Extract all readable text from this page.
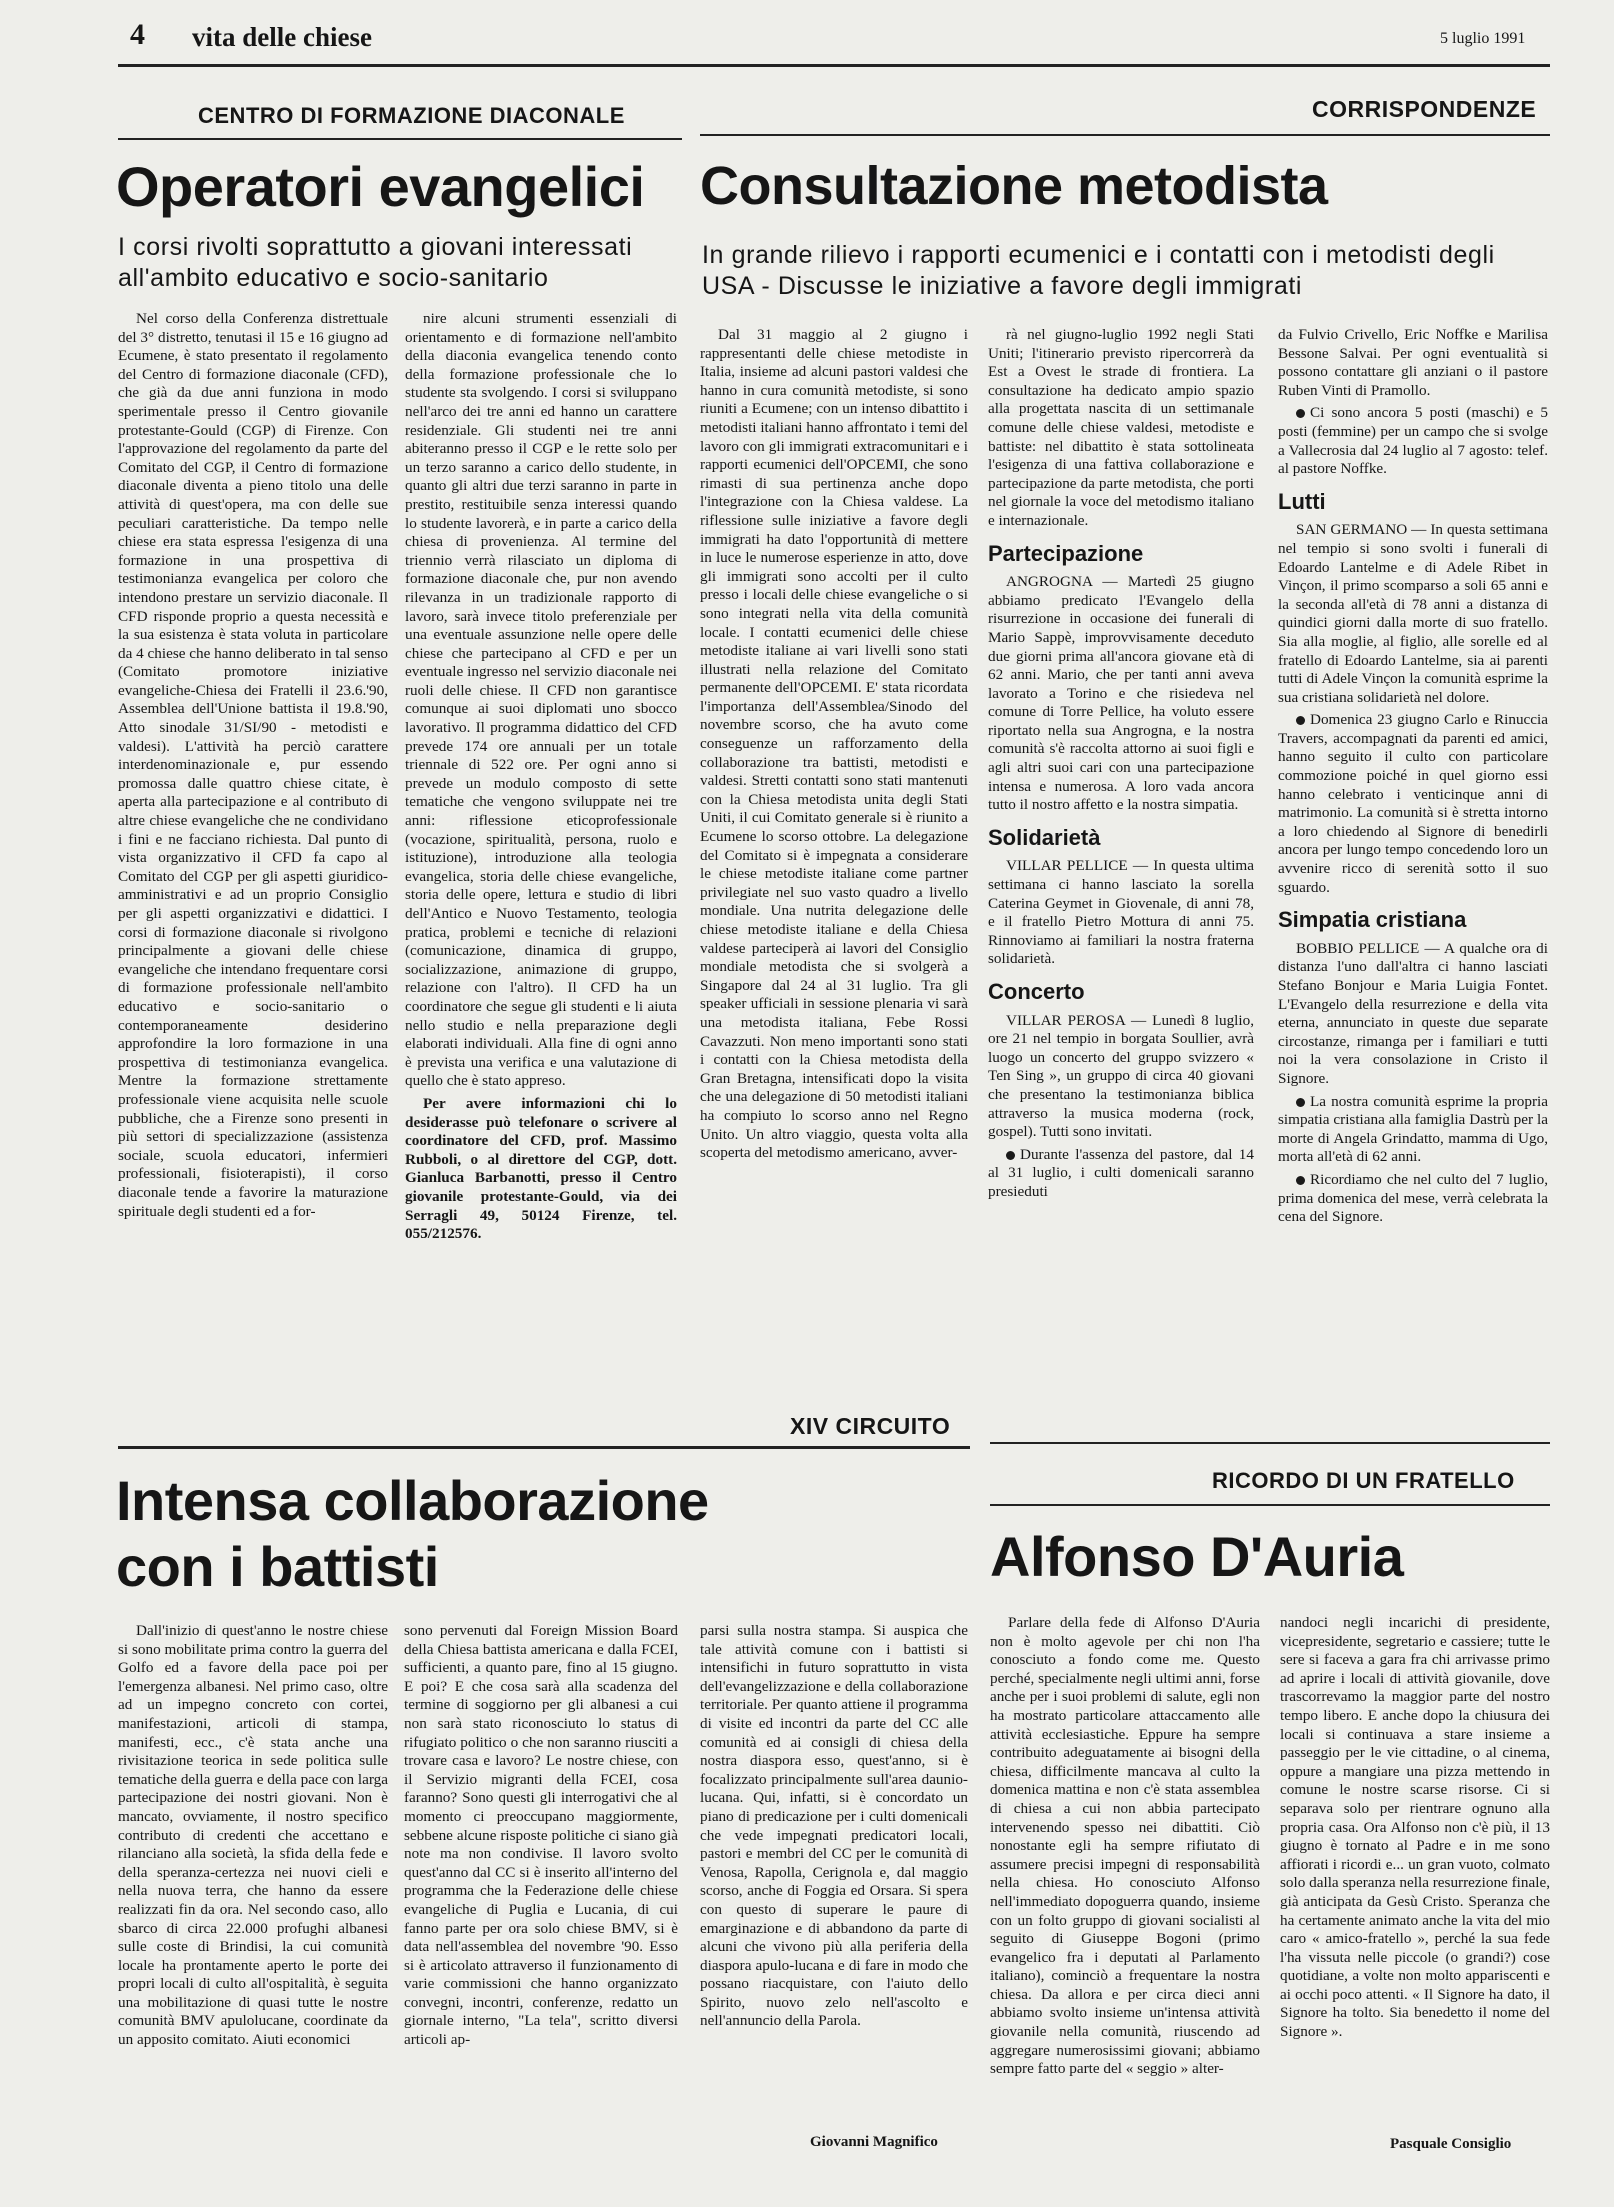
4 vita delle chiese	5 luglio 1991
CENTRO DI FORMAZIONE DIACONALE
Operatori evangelici
I corsi rivolti soprattutto a giovani interessati all'ambito educativo e socio-sanitario

Nel corso della Conferenza distrettuale del 3° distretto, tenutasi il 15 e 16 giugno ad Ecumene, è stato presentato il regolamento del Centro di formazione diaconale (CFD), che già da due anni funziona in modo sperimentale presso il Centro giovanile protestante-Gould (CGP) di Firenze. Con l'approvazione del regolamento da parte del Comitato del CGP, il Centro di formazione diaconale diventa a pieno titolo una delle attività di quest'opera, ma con delle sue peculiari caratteristiche. Da tempo nelle chiese era stata espressa l'esigenza di una formazione in una prospettiva di testimonianza evangelica per coloro che intendono prestare un servizio diaconale. Il CFD risponde proprio a questa necessità e la sua esistenza è stata voluta in particolare da 4 chiese che hanno deliberato in tal senso (Comitato promotore iniziative evangeliche-Chiesa dei Fratelli il 23.6.'90, Assemblea dell'Unione battista il 19.8.'90, Atto sinodale 31/SI/90 - metodisti e valdesi). L'attività ha perciò carattere interdenominazionale e, pur essendo promossa dalle quattro chiese citate, è aperta alla partecipazione e al contributo di altre chiese evangeliche che ne condividano i fini e ne facciano richiesta. Dal punto di vista organizzativo il CFD fa capo al Comitato del CGP per gli aspetti giuridico-amministrativi e ad un proprio Consiglio per gli aspetti organizzativi e didattici. I corsi di formazione diaconale si rivolgono principalmente a giovani delle chiese evangeliche che intendano frequentare corsi di formazione professionale nell'ambito educativo e socio-sanitario o contemporaneamente desiderino approfondire la loro formazione in una prospettiva di testimonianza evangelica. Mentre la formazione strettamente professionale viene acquisita nelle scuole pubbliche, che a Firenze sono presenti in più settori di specializzazione (assistenza sociale, scuola educatori, infermieri professionali, fisioterapisti), il corso diaconale tende a favorire la maturazione spirituale degli studenti ed a for-

nire alcuni strumenti essenziali di orientamento e di formazione nell'ambito della diaconia evangelica tenendo conto della formazione professionale che lo studente sta svolgendo. I corsi si sviluppano nell'arco dei tre anni ed hanno un carattere residenziale. Gli studenti nei tre anni abiteranno presso il CGP e le rette solo per un terzo saranno a carico dello studente, in quanto gli altri due terzi saranno in parte in prestito, restituibile senza interessi quando lo studente lavorerà, e in parte a carico della chiesa di provenienza. Al termine del triennio verrà rilasciato un diploma di formazione diaconale che, pur non avendo rilevanza in un tradizionale rapporto di lavoro, sarà invece titolo preferenziale per una eventuale assunzione nelle opere delle chiese che partecipano al CFD e per un eventuale ingresso nel servizio diaconale nei ruoli delle chiese. Il CFD non garantisce comunque ai suoi diplomati uno sbocco lavorativo. Il programma didattico del CFD prevede 174 ore annuali per un totale triennale di 522 ore. Per ogni anno si prevede un modulo composto di sette tematiche che vengono sviluppate nei tre anni: riflessione eticoprofessionale (vocazione, spiritualità, persona, ruolo e istituzione), introduzione alla teologia evangelica, storia delle chiese evangeliche, storia delle opere, lettura e studio di libri dell'Antico e Nuovo Testamento, teologia pratica, problemi e tecniche di relazioni (comunicazione, dinamica di gruppo, socializzazione, animazione di gruppo, relazione con l'altro). Il CFD ha un coordinatore che segue gli studenti e li aiuta nello studio e nella preparazione degli elaborati individuali. Alla fine di ogni anno è prevista una verifica e una valutazione di quello che è stato appreso.

Per avere informazioni chi lo desiderasse può telefonare o scrivere al coordinatore del CFD, prof. Massimo Rubboli, o al direttore del CGP, dott. Gianluca Barbanotti, presso il Centro giovanile protestante-Gould, via dei Serragli 49, 50124 Firenze, tel. 055/212576.

CORRISPONDENZE
Consultazione metodista
In grande rilievo i rapporti ecumenici e i contatti con i metodisti degli USA - Discusse le iniziative a favore degli immigrati

Dal 31 maggio al 2 giugno i rappresentanti delle chiese metodiste in Italia, insieme ad alcuni pastori valdesi che hanno in cura comunità metodiste, si sono riuniti a Ecumene; con un intenso dibattito i metodisti italiani hanno affrontato i temi del lavoro con gli immigrati extracomunitari e i rapporti ecumenici dell'OPCEMI, che sono rimasti di sua pertinenza anche dopo l'integrazione con la Chiesa valdese. La riflessione sulle iniziative a favore degli immigrati ha dato l'opportunità di mettere in luce le numerose esperienze in atto, dove gli immigrati sono accolti per il culto presso i locali delle chiese evangeliche o si sono integrati nella vita della comunità locale. I contatti ecumenici delle chiese metodiste italiane ai vari livelli sono stati illustrati nella relazione del Comitato permanente dell'OPCEMI. E' stata ricordata l'importanza dell'Assemblea/Sinodo del novembre scorso, che ha avuto come conseguenze un rafforzamento della collaborazione tra battisti, metodisti e valdesi. Stretti contatti sono stati mantenuti con la Chiesa metodista unita degli Stati Uniti, il cui Comitato generale si è riunito a Ecumene lo scorso ottobre. La delegazione del Comitato si è impegnata a considerare le chiese metodiste italiane come partner privilegiate nel suo vasto quadro a livello mondiale. Una nutrita delegazione delle chiese metodiste italiane e della Chiesa valdese parteciperà ai lavori del Consiglio mondiale metodista che si svolgerà a Singapore dal 24 al 31 luglio. Tra gli speaker ufficiali in sessione plenaria vi sarà una metodista italiana, Febe Rossi Cavazzuti. Non meno importanti sono stati i contatti con la Chiesa metodista della Gran Bretagna, intensificati dopo la visita che una delegazione di 50 metodisti italiani ha compiuto lo scorso anno nel Regno Unito. Un altro viaggio, questa volta alla scoperta del metodismo americano, avver-

rà nel giugno-luglio 1992 negli Stati Uniti; l'itinerario previsto ripercorrerà da Est a Ovest le strade di frontiera. La consultazione ha dedicato ampio spazio alla progettata nascita di un settimanale comune delle chiese valdesi, metodiste e battiste: nel dibattito è stata sottolineata l'esigenza di una fattiva collaborazione e partecipazione da parte metodista, che porti nel giornale la voce del metodismo italiano e internazionale.

Partecipazione

ANGROGNA — Martedì 25 giugno abbiamo predicato l'Evangelo della risurrezione in occasione dei funerali di Mario Sappè, improvvisamente deceduto due giorni prima all'ancora giovane età di 62 anni. Mario, che per tanti anni aveva lavorato a Torino e che risiedeva nel comune di Torre Pellice, ha voluto essere riportato nella sua Angrogna, e la nostra comunità s'è raccolta attorno ai suoi figli e agli altri suoi cari con una partecipazione intensa e numerosa. A loro vada ancora tutto il nostro affetto e la nostra simpatia.

Solidarietà

VILLAR PELLICE — In questa ultima settimana ci hanno lasciato la sorella Caterina Geymet in Giovenale, di anni 78, e il fratello Pietro Mottura di anni 75. Rinnoviamo ai familiari la nostra fraterna solidarietà.

Concerto

VILLAR PEROSA — Lunedì 8 luglio, ore 21 nel tempio in borgata Soullier, avrà luogo un concerto del gruppo svizzero « Ten Sing », un gruppo di circa 40 giovani che presentano la testimonianza biblica attraverso la musica moderna (rock, gospel). Tutti sono invitati.

Durante l'assenza del pastore, dal 14 al 31 luglio, i culti domenicali saranno presieduti

da Fulvio Crivello, Eric Noffke e Marilisa Bessone Salvai. Per ogni eventualità si possono contattare gli anziani o il pastore Ruben Vinti di Pramollo.

Ci sono ancora 5 posti (maschi) e 5 posti (femmine) per un campo che si svolge a Vallecrosia dal 24 luglio al 7 agosto: telef. al pastore Noffke.

Lutti

SAN GERMANO — In questa settimana nel tempio si sono svolti i funerali di Edoardo Lantelme e di Adele Ribet in Vinçon, il primo scomparso a soli 65 anni e la seconda all'età di 78 anni a distanza di quindici giorni dalla morte di suo fratello. Sia alla moglie, al figlio, alle sorelle ed al fratello di Edoardo Lantelme, sia ai parenti tutti di Adele Vinçon la comunità esprime la sua cristiana solidarietà nel dolore.

Domenica 23 giugno Carlo e Rinuccia Travers, accompagnati da parenti ed amici, hanno seguito il culto con particolare commozione poiché in quel giorno essi hanno celebrato i venticinque anni di matrimonio. La comunità si è stretta intorno a loro chiedendo al Signore di benedirli ancora per lungo tempo concedendo loro un avvenire ricco di serenità sotto il suo sguardo.

Simpatia cristiana

BOBBIO PELLICE — A qualche ora di distanza l'uno dall'altra ci hanno lasciati Stefano Bonjour e Maria Luigia Fontet. L'Evangelo della resurrezione e della vita eterna, annunciato in queste due separate circostanze, rimanga per i familiari e tutti noi la vera consolazione in Cristo il Signore.

La nostra comunità esprime la propria simpatia cristiana alla famiglia Dastrù per la morte di Angela Grindatto, mamma di Ugo, morta all'età di 62 anni.

Ricordiamo che nel culto del 7 luglio, prima domenica del mese, verrà celebrata la cena del Signore.

XIV CIRCUITO
Intensa collaborazione con i battisti

Dall'inizio di quest'anno le nostre chiese si sono mobilitate prima contro la guerra del Golfo ed a favore della pace poi per l'emergenza albanesi. Nel primo caso, oltre ad un impegno concreto con cortei, manifestazioni, articoli di stampa, manifesti, ecc., c'è stata anche una rivisitazione teorica in sede politica sulle tematiche della guerra e della pace con larga partecipazione dei nostri giovani. Non è mancato, ovviamente, il nostro specifico contributo di credenti che accettano e rilanciano alla società, la sfida della fede e della speranza-certezza nei nuovi cieli e nella nuova terra, che hanno da essere realizzati fin da ora. Nel secondo caso, allo sbarco di circa 22.000 profughi albanesi sulle coste di Brindisi, la cui comunità locale ha prontamente aperto le porte dei propri locali di culto all'ospitalità, è seguita una mobilitazione di quasi tutte le nostre comunità BMV apulolucane, coordinate da un apposito comitato. Aiuti economici

sono pervenuti dal Foreign Mission Board della Chiesa battista americana e dalla FCEI, sufficienti, a quanto pare, fino al 15 giugno. E poi? E che cosa sarà alla scadenza del termine di soggiorno per gli albanesi a cui non sarà stato riconosciuto lo status di rifugiato politico o che non saranno riusciti a trovare casa e lavoro? Le nostre chiese, con il Servizio migranti della FCEI, cosa faranno? Sono questi gli interrogativi che al momento ci preoccupano maggiormente, sebbene alcune risposte politiche ci siano già note ma non condivise. Il lavoro svolto quest'anno dal CC si è inserito all'interno del programma che la Federazione delle chiese evangeliche di Puglia e Lucania, di cui fanno parte per ora solo chiese BMV, si è data nell'assemblea del novembre '90. Esso si è articolato attraverso il funzionamento di varie commissioni che hanno organizzato convegni, incontri, conferenze, redatto un giornale interno, "La tela", scritto diversi articoli ap-

parsi sulla nostra stampa. Si auspica che tale attività comune con i battisti si intensifichi in futuro soprattutto in vista dell'evangelizzazione e della collaborazione territoriale. Per quanto attiene il programma di visite ed incontri da parte del CC alle comunità ed ai consigli di chiesa della nostra diaspora esso, quest'anno, si è focalizzato principalmente sull'area daunio-lucana. Qui, infatti, si è concordato un piano di predicazione per i culti domenicali che vede impegnati predicatori locali, pastori e membri del CC per le comunità di Venosa, Rapolla, Cerignola e, dal maggio scorso, anche di Foggia ed Orsara. Si spera con questo di superare le paure di emarginazione e di abbandono da parte di alcuni che vivono più alla periferia della diaspora apulo-lucana e di fare in modo che possano riacquistare, con l'aiuto dello Spirito, nuovo zelo nell'ascolto e nell'annuncio della Parola.

Giovanni Magnifico
RICORDO DI UN FRATELLO
Alfonso D'Auria

Parlare della fede di Alfonso D'Auria non è molto agevole per chi non l'ha conosciuto a fondo come me. Questo perché, specialmente negli ultimi anni, forse anche per i suoi problemi di salute, egli non ha mostrato particolare attaccamento alle attività ecclesiastiche. Eppure ha sempre contribuito adeguatamente ai bisogni della chiesa, difficilmente mancava al culto la domenica mattina e non c'è stata assemblea di chiesa a cui non abbia partecipato intervenendo spesso nei dibattiti. Ciò nonostante egli ha sempre rifiutato di assumere precisi impegni di responsabilità nella chiesa. Ho conosciuto Alfonso nell'immediato dopoguerra quando, insieme con un folto gruppo di giovani socialisti al seguito di Giuseppe Bogoni (primo evangelico fra i deputati al Parlamento italiano), cominciò a frequentare la nostra chiesa. Da allora e per circa dieci anni abbiamo svolto insieme un'intensa attività giovanile nella comunità, riuscendo ad aggregare numerosissimi giovani; abbiamo sempre fatto parte del « seggio » alter-

nandoci negli incarichi di presidente, vicepresidente, segretario e cassiere; tutte le sere si faceva a gara fra chi arrivasse primo ad aprire i locali di attività giovanile, dove trascorrevamo la maggior parte del nostro tempo libero. E anche dopo la chiusura dei locali si continuava a stare insieme a passeggio per le vie cittadine, o al cinema, oppure a mangiare una pizza mettendo in comune le nostre scarse risorse. Ci si separava solo per rientrare ognuno alla propria casa. Ora Alfonso non c'è più, il 13 giugno è tornato al Padre e in me sono affiorati i ricordi e... un gran vuoto, colmato solo dalla speranza nella resurrezione finale, già anticipata da Gesù Cristo. Speranza che ha certamente animato anche la vita del mio caro « amico-fratello », perché la sua fede l'ha vissuta nelle piccole (o grandi?) cose quotidiane, a volte non molto appariscenti e ai occhi poco attenti. « Il Signore ha dato, il Signore ha tolto. Sia benedetto il nome del Signore ».

Pasquale Consiglio
